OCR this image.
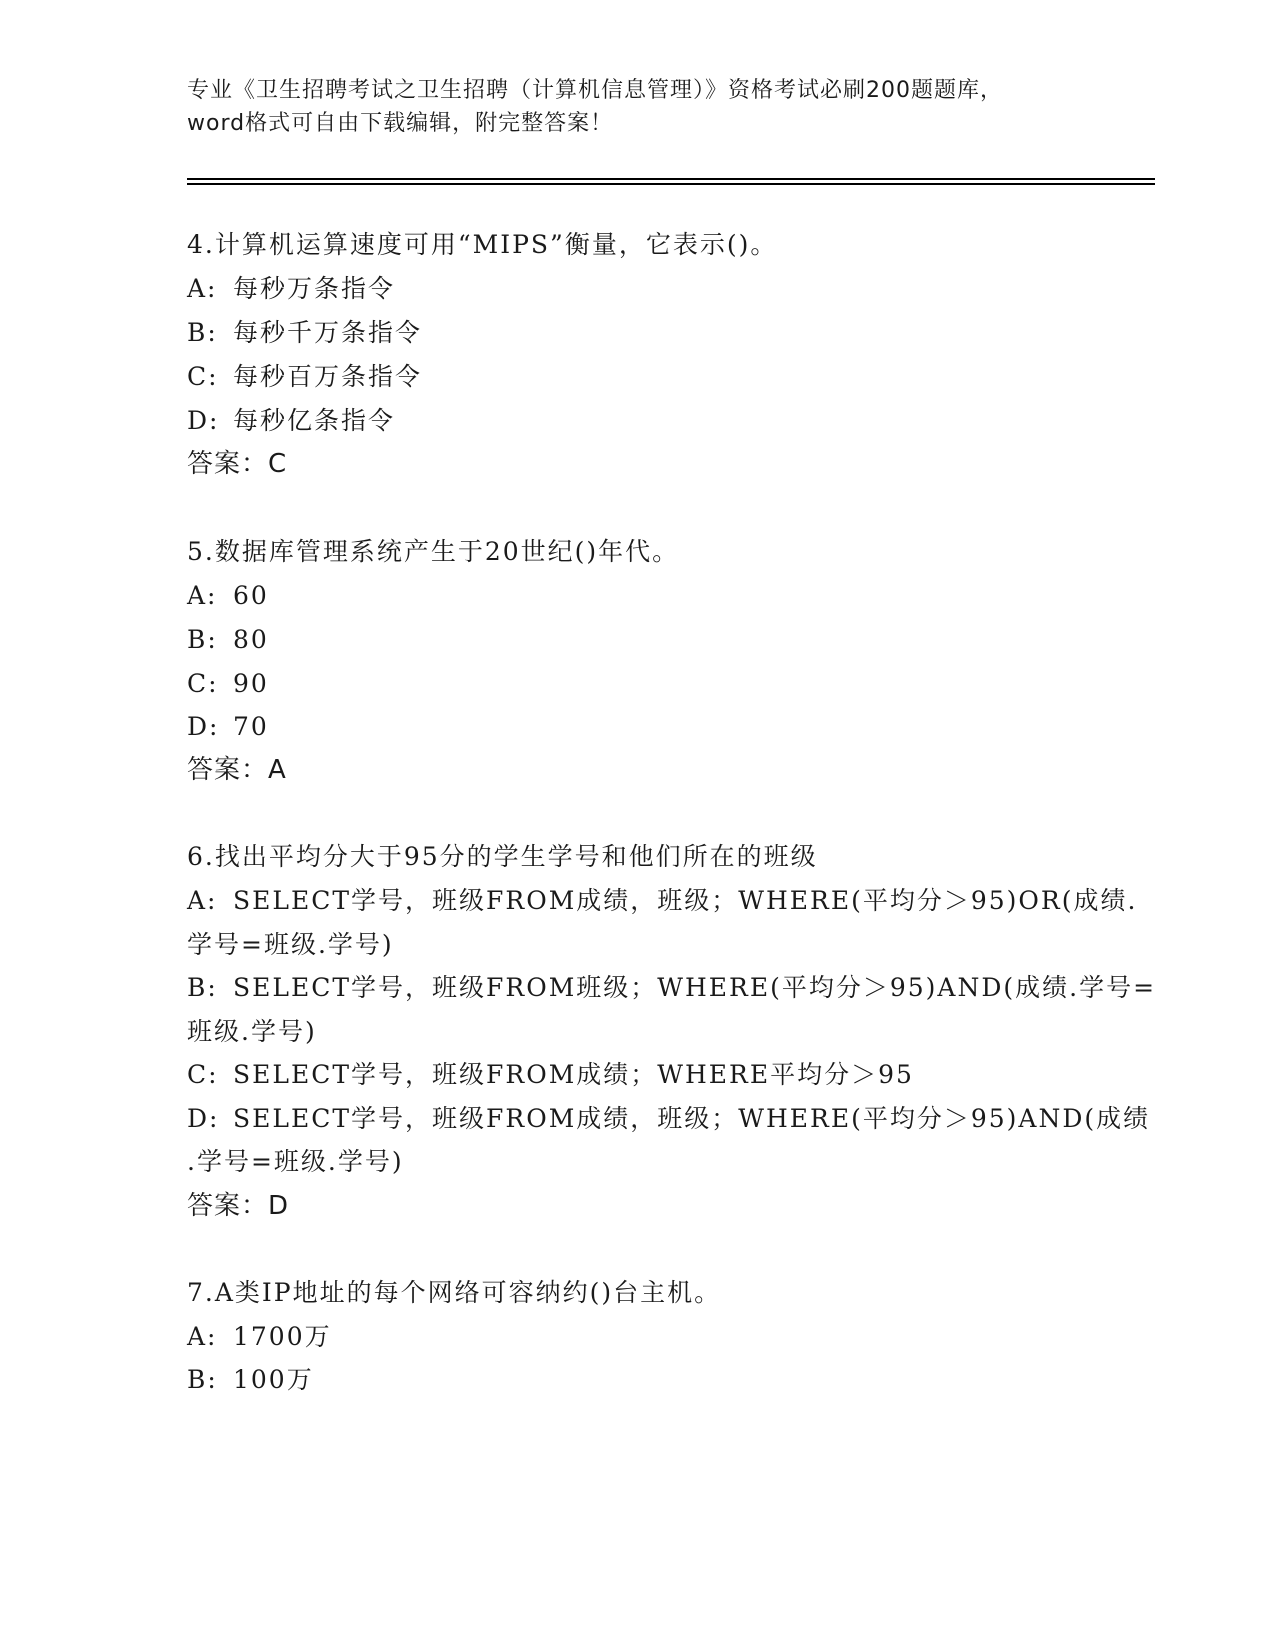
专业《卫生招聘考试之卫生招聘（计算机信息管理）》资格考试必刷200题题库，
word格式可自由下载编辑，附完整答案！
4.计算机运算速度可用“MIPS”衡量，它表示()。
A: 每秒万条指令
B: 每秒千万条指令
C: 每秒百万条指令
D: 每秒亿条指令
答案：C
5.数据库管理系统产生于20世纪()年代。
A: 60
B: 80
C: 90
D: 70
答案：A
6.找出平均分大于95分的学生学号和他们所在的班级
A: SELECT学号，班级FROM成绩，班级；WHERE(平均分＞95)OR(成绩.
学号=班级.学号)
B: SELECT学号，班级FROM班级；WHERE(平均分＞95)AND(成绩.学号=
班级.学号)
C: SELECT学号，班级FROM成绩；WHERE平均分＞95
D: SELECT学号，班级FROM成绩，班级；WHERE(平均分＞95)AND(成绩
.学号=班级.学号)
答案：D
7.A类IP地址的每个网络可容纳约()台主机。
A: 1700万
B: 100万
